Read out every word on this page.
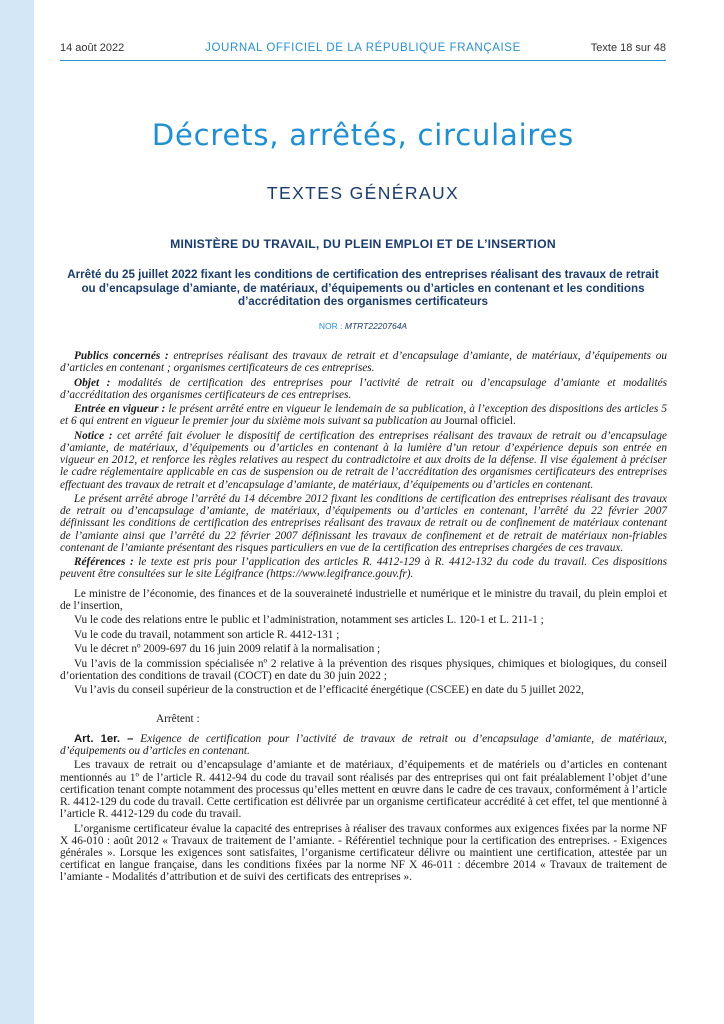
14 août 2022	JOURNAL OFFICIEL DE LA RÉPUBLIQUE FRANÇAISE	Texte 18 sur 48
Décrets, arrêtés, circulaires
TEXTES GÉNÉRAUX
MINISTÈRE DU TRAVAIL, DU PLEIN EMPLOI ET DE L’INSERTION
Arrêté du 25 juillet 2022 fixant les conditions de certification des entreprises réalisant des travaux de retrait ou d’encapsulage d’amiante, de matériaux, d’équipements ou d’articles en contenant et les conditions d’accréditation des organismes certificateurs
NOR : MTRT2220764A

Publics concernés : entreprises réalisant des travaux de retrait et d’encapsulage d’amiante, de matériaux, d’équipements ou d’articles en contenant ; organismes certificateurs de ces entreprises.

Objet : modalités de certification des entreprises pour l’activité de retrait ou d’encapsulage d’amiante et modalités d’accréditation des organismes certificateurs de ces entreprises.

Entrée en vigueur : le présent arrêté entre en vigueur le lendemain de sa publication, à l’exception des dispositions des articles 5 et 6 qui entrent en vigueur le premier jour du sixième mois suivant sa publication au Journal officiel.

Notice : cet arrêté fait évoluer le dispositif de certification des entreprises réalisant des travaux de retrait ou d’encapsulage d’amiante, de matériaux, d’équipements ou d’articles en contenant à la lumière d’un retour d’expérience depuis son entrée en vigueur en 2012, et renforce les règles relatives au respect du contradictoire et aux droits de la défense. Il vise également à préciser le cadre réglementaire applicable en cas de suspension ou de retrait de l’accréditation des organismes certificateurs des entreprises effectuant des travaux de retrait et d’encapsulage d’amiante, de matériaux, d’équipements ou d’articles en contenant.

Le présent arrêté abroge l’arrêté du 14 décembre 2012 fixant les conditions de certification des entreprises réalisant des travaux de retrait ou d’encapsulage d’amiante, de matériaux, d’équipements ou d’articles en contenant, l’arrêté du 22 février 2007 définissant les conditions de certification des entreprises réalisant des travaux de retrait ou de confinement de matériaux contenant de l’amiante ainsi que l’arrêté du 22 février 2007 définissant les travaux de confinement et de retrait de matériaux non-friables contenant de l’amiante présentant des risques particuliers en vue de la certification des entreprises chargées de ces travaux.

Références : le texte est pris pour l’application des articles R. 4412-129 à R. 4412-132 du code du travail. Ces dispositions peuvent être consultées sur le site Légifrance (https://www.legifrance.gouv.fr).

Le ministre de l’économie, des finances et de la souveraineté industrielle et numérique et le ministre du travail, du plein emploi et de l’insertion,

Vu le code des relations entre le public et l’administration, notamment ses articles L. 120-1 et L. 211-1 ;

Vu le code du travail, notamment son article R. 4412-131 ;

Vu le décret nº 2009-697 du 16 juin 2009 relatif à la normalisation ;

Vu l’avis de la commission spécialisée nº 2 relative à la prévention des risques physiques, chimiques et biologiques, du conseil d’orientation des conditions de travail (COCT) en date du 30 juin 2022 ;

Vu l’avis du conseil supérieur de la construction et de l’efficacité énergétique (CSCEE) en date du 5 juillet 2022,

Arrêtent :

Art. 1er. – Exigence de certification pour l’activité de travaux de retrait ou d’encapsulage d’amiante, de matériaux, d’équipements ou d’articles en contenant.

Les travaux de retrait ou d’encapsulage d’amiante et de matériaux, d’équipements et de matériels ou d’articles en contenant mentionnés au 1º de l’article R. 4412-94 du code du travail sont réalisés par des entreprises qui ont fait préalablement l’objet d’une certification tenant compte notamment des processus qu’elles mettent en œuvre dans le cadre de ces travaux, conformément à l’article R. 4412-129 du code du travail. Cette certification est délivrée par un organisme certificateur accrédité à cet effet, tel que mentionné à l’article R. 4412-129 du code du travail.

L’organisme certificateur évalue la capacité des entreprises à réaliser des travaux conformes aux exigences fixées par la norme NF X 46-010 : août 2012 « Travaux de traitement de l’amiante. - Référentiel technique pour la certification des entreprises. - Exigences générales ». Lorsque les exigences sont satisfaites, l’organisme certificateur délivre ou maintient une certification, attestée par un certificat en langue française, dans les conditions fixées par la norme NF X 46-011 : décembre 2014 « Travaux de traitement de l’amiante - Modalités d’attribution et de suivi des certificats des entreprises ».
